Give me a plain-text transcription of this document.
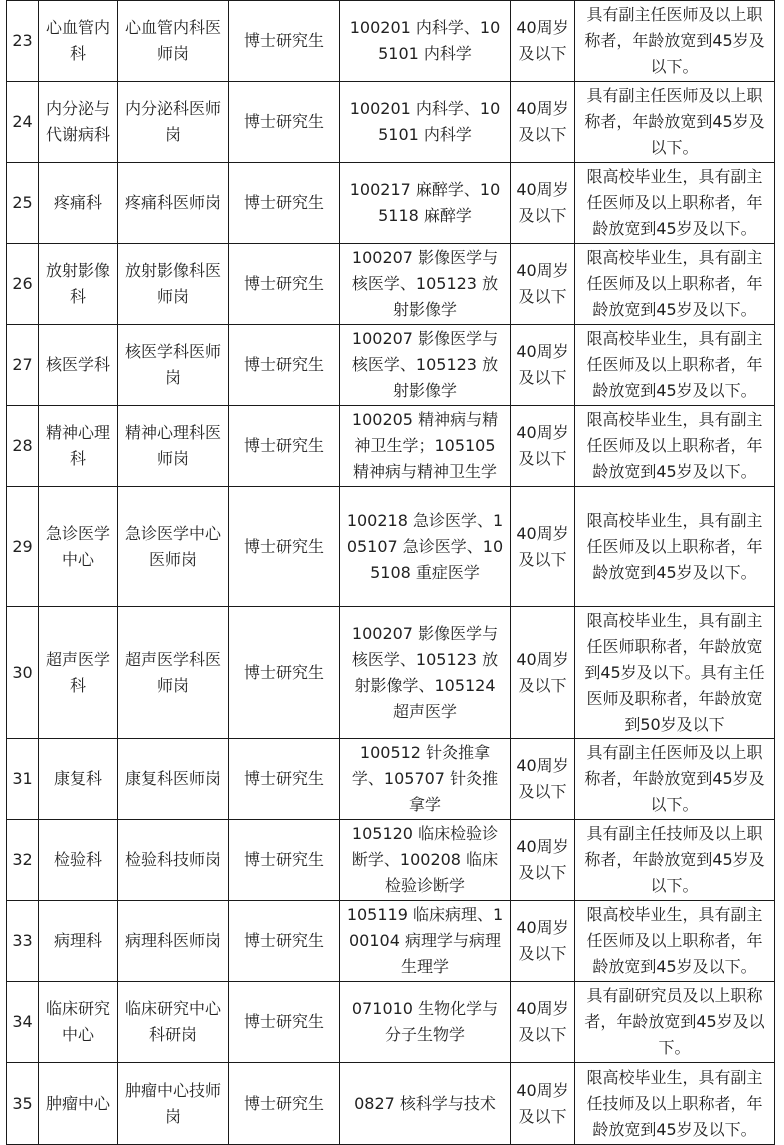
23	心血管内科	心血管内科医师岗	博士研究生	100201 内科学、105101 内科学	40周岁及以下	具有副主任医师及以上职称者，年龄放宽到45岁及以下。
24	内分泌与代谢病科	内分泌科医师岗	博士研究生	100201 内科学、105101 内科学	40周岁及以下	具有副主任医师及以上职称者，年龄放宽到45岁及以下。
25	疼痛科	疼痛科医师岗	博士研究生	100217 麻醉学、105118 麻醉学	40周岁及以下	限高校毕业生，具有副主任医师及以上职称者，年龄放宽到45岁及以下。
26	放射影像科	放射影像科医师岗	博士研究生	100207 影像医学与核医学、105123 放射影像学	40周岁及以下	限高校毕业生，具有副主任医师及以上职称者，年龄放宽到45岁及以下。
27	核医学科	核医学科医师岗	博士研究生	100207 影像医学与核医学、105123 放射影像学	40周岁及以下	限高校毕业生，具有副主任医师及以上职称者，年龄放宽到45岁及以下。
28	精神心理科	精神心理科医师岗	博士研究生	100205 精神病与精神卫生学；105105 精神病与精神卫生学	40周岁及以下	限高校毕业生，具有副主任医师及以上职称者，年龄放宽到45岁及以下。
29	急诊医学中心	急诊医学中心医师岗	博士研究生	100218 急诊医学、105107 急诊医学、105108 重症医学	40周岁及以下	限高校毕业生，具有副主任医师及以上职称者，年龄放宽到45岁及以下。
30	超声医学科	超声医学科医师岗	博士研究生	100207 影像医学与核医学、105123 放射影像学、105124 超声医学	40周岁及以下	限高校毕业生，具有副主任医师职称者，年龄放宽到45岁及以下。具有主任医师及职称者，年龄放宽到50岁及以下
31	康复科	康复科医师岗	博士研究生	100512 针灸推拿学、105707 针灸推拿学	40周岁及以下	具有副主任医师及以上职称者，年龄放宽到45岁及以下。
32	检验科	检验科技师岗	博士研究生	105120 临床检验诊断学、100208 临床检验诊断学	40周岁及以下	具有副主任技师及以上职称者，年龄放宽到45岁及以下。
33	病理科	病理科医师岗	博士研究生	105119 临床病理、100104 病理学与病理生理学	40周岁及以下	限高校毕业生，具有副主任医师及以上职称者，年龄放宽到45岁及以下。
34	临床研究中心	临床研究中心科研岗	博士研究生	071010 生物化学与分子生物学	40周岁及以下	具有副研究员及以上职称者，年龄放宽到45岁及以下。
35	肿瘤中心	肿瘤中心技师岗	博士研究生	0827 核科学与技术	40周岁及以下	限高校毕业生，具有副主任技师及以上职称者，年龄放宽到45岁及以下。
